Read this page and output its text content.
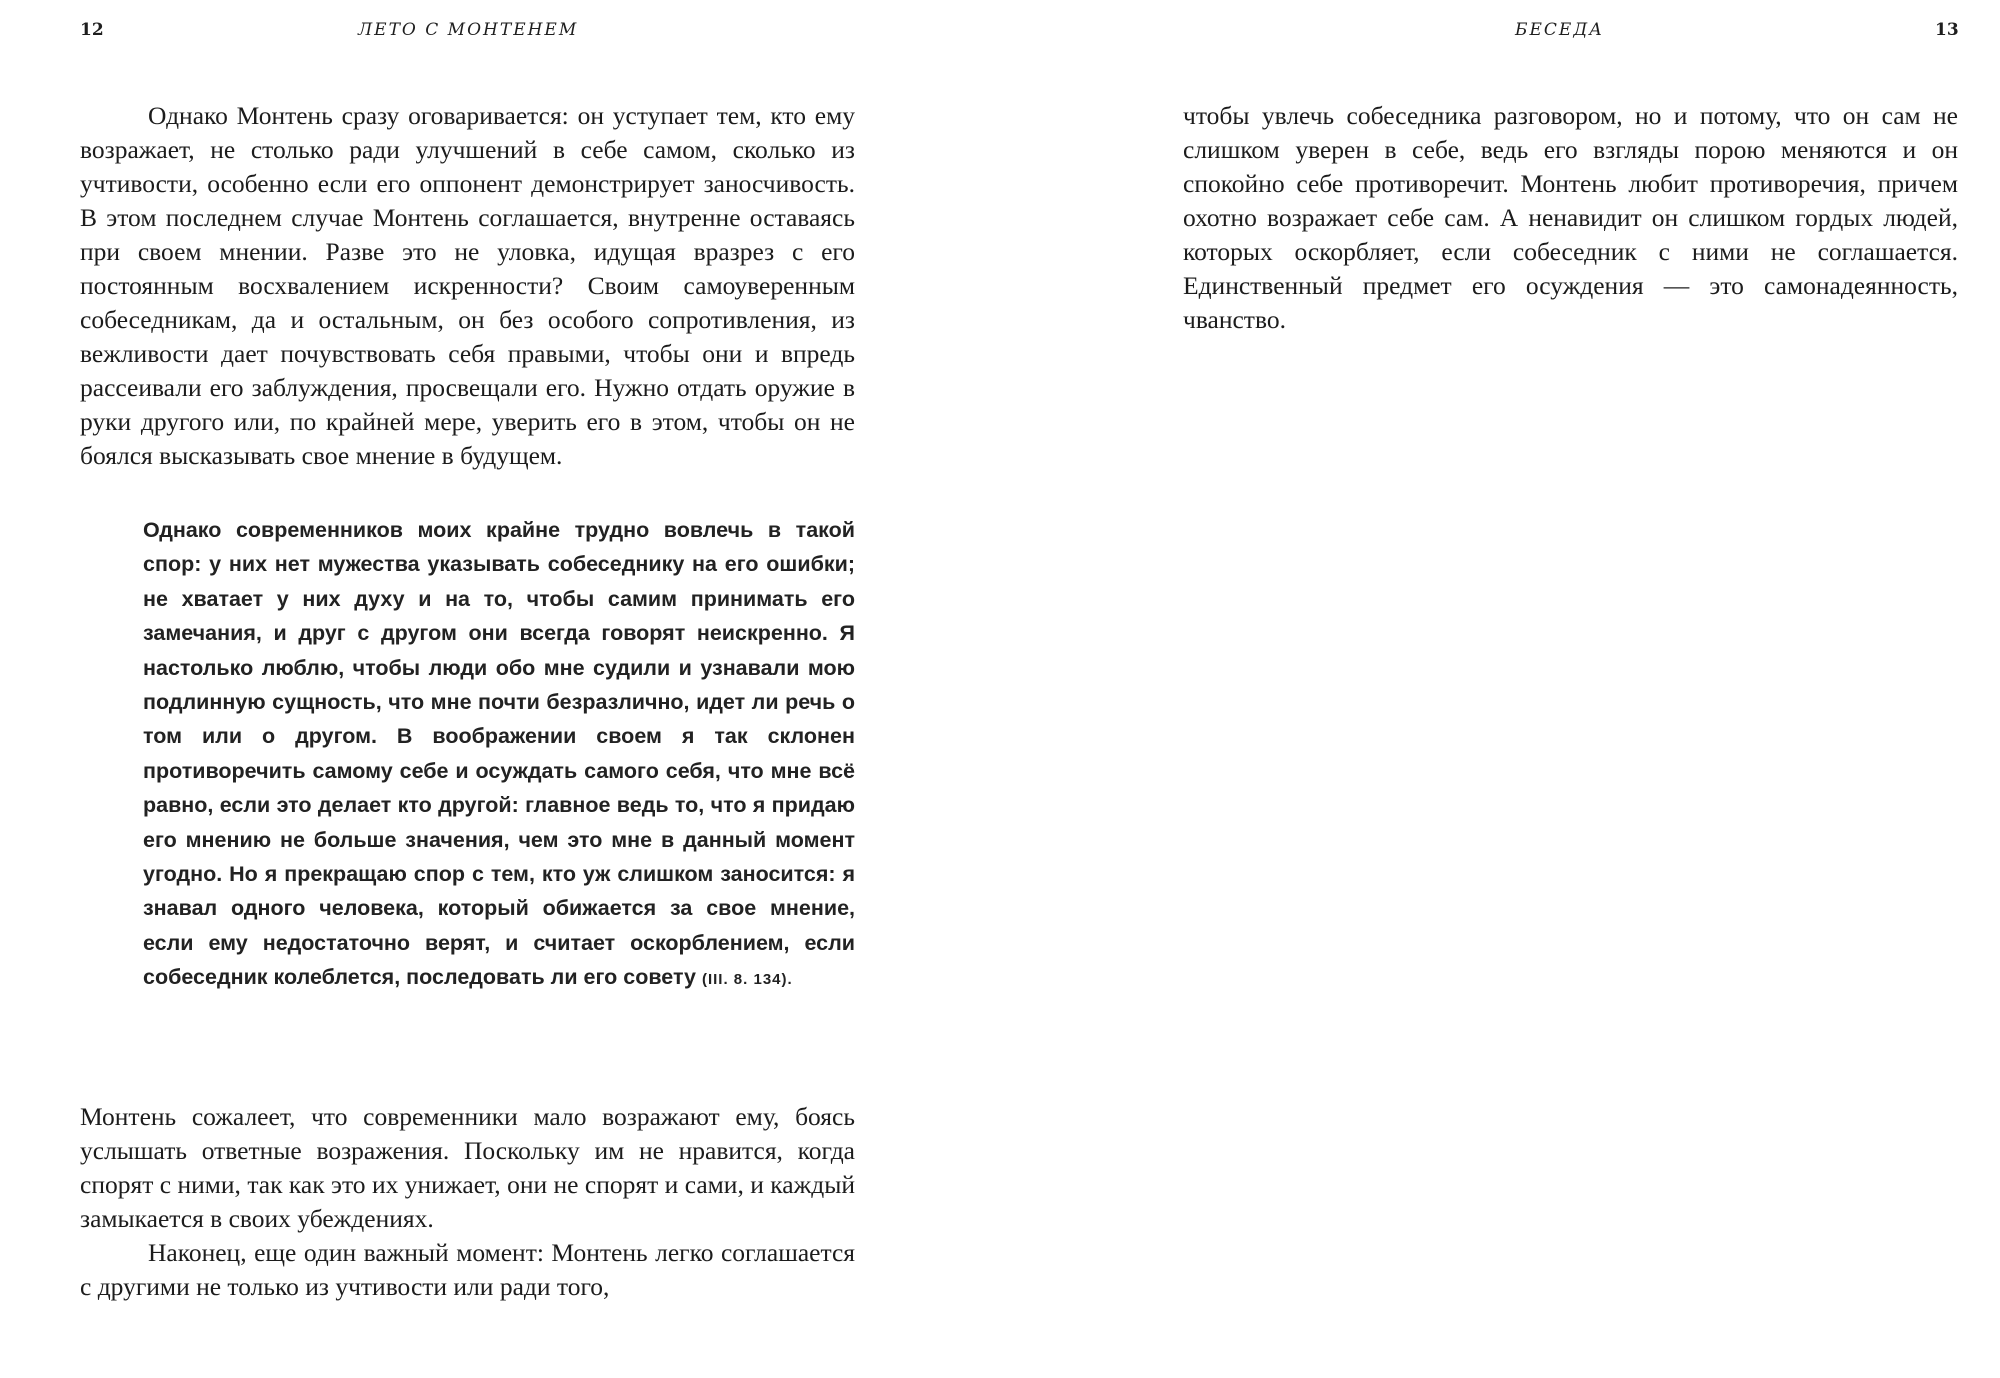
12	ЛЕТО С МОНТЕНЕМ

Однако Монтень сразу оговаривается: он уступает тем, кто ему возражает, не столько ради улучшений в себе самом, сколько из учтивости, особенно если его оппонент демонстрирует заносчивость. В этом последнем случае Монтень соглашается, внутренне оставаясь при своем мнении. Разве это не уловка, идущая вразрез с его постоянным восхвалением искренности? Своим самоуверенным собеседникам, да и остальным, он без особого сопротивления, из вежливости дает почувствовать себя правыми, чтобы они и впредь рассеивали его заблуждения, просвещали его. Нужно отдать оружие в руки другого или, по крайней мере, уверить его в этом, чтобы он не боялся высказывать свое мнение в будущем.

Однако современников моих крайне трудно вовлечь в такой спор: у них нет мужества указывать собеседнику на его ошибки; не хватает у них духу и на то, чтобы самим принимать его замечания, и друг с другом они всегда говорят неискренно. Я настолько люблю, чтобы люди обо мне судили и узнавали мою подлинную сущность, что мне почти безразлично, идет ли речь о том или о другом. В воображении своем я так склонен противоречить самому себе и осуждать самого себя, что мне всё равно, если это делает кто другой: главное ведь то, что я придаю его мнению не больше значения, чем это мне в данный момент угодно. Но я прекращаю спор с тем, кто уж слишком заносится: я знавал одного человека, который обижается за свое мнение, если ему недостаточно верят, и считает оскорблением, если собеседник колеблется, последовать ли его совету (III. 8. 134).

Монтень сожалеет, что современники мало возражают ему, боясь услышать ответные возражения. Поскольку им не нравится, когда спорят с ними, так как это их унижает, они не спорят и сами, и каждый замыкается в своих убеждениях.

Наконец, еще один важный момент: Монтень легко соглашается с другими не только из учтивости или ради того,

БЕСЕДА	13

чтобы увлечь собеседника разговором, но и потому, что он сам не слишком уверен в себе, ведь его взгляды порою меняются и он спокойно себе противоречит. Монтень любит противоречия, причем охотно возражает себе сам. А ненавидит он слишком гордых людей, которых оскорбляет, если собеседник с ними не соглашается. Единственный предмет его осуждения — это самонадеянность, чванство.
